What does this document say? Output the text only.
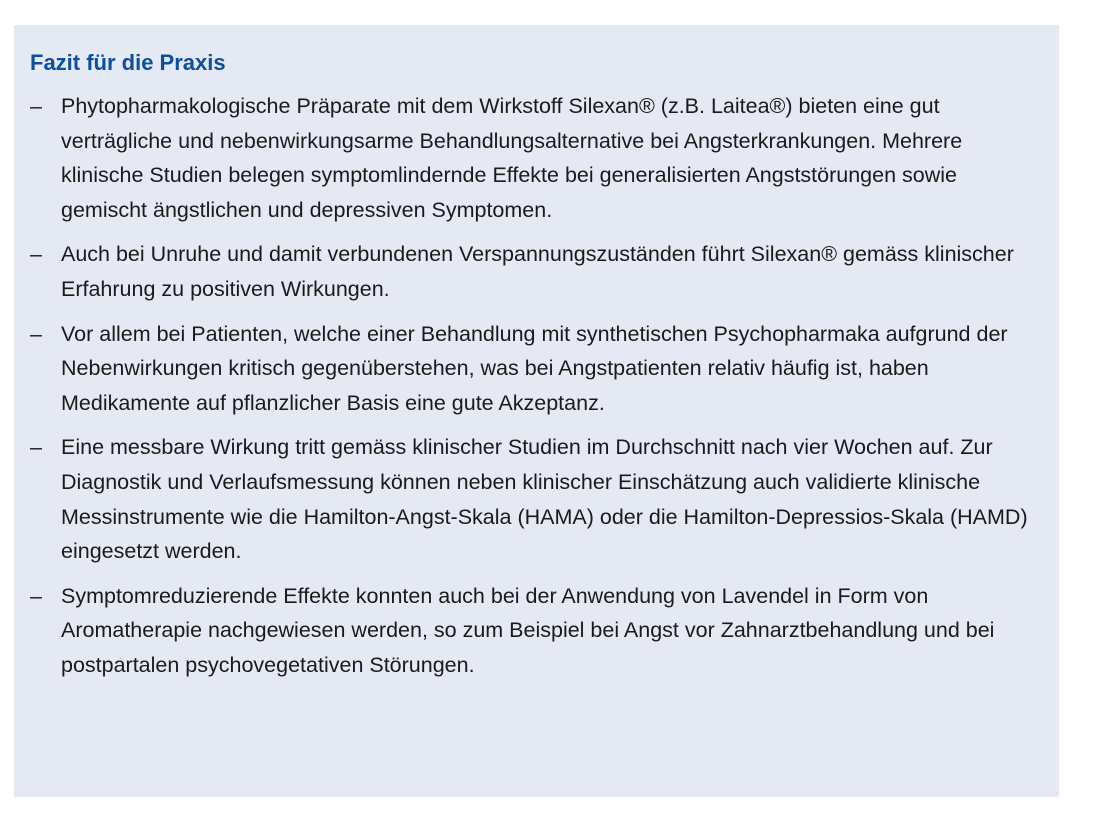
Fazit für die Praxis
– Phytopharmakologische Präparate mit dem Wirkstoff Silexan® (z.B. Laitea®) bieten eine gut verträgliche und nebenwirkungsarme Behandlungsalternative bei Angsterkrankungen. Mehrere klinische Studien belegen symptomlindernde Effekte bei generalisierten Angststörungen sowie gemischt ängstlichen und depressiven Symptomen.
– Auch bei Unruhe und damit verbundenen Verspannungszuständen führt Silexan® gemäss klinischer Erfahrung zu positiven Wirkungen.
– Vor allem bei Patienten, welche einer Behandlung mit synthetischen Psychopharmaka aufgrund der Nebenwirkungen kritisch gegenüberstehen, was bei Angstpatienten relativ häufig ist, haben Medikamente auf pflanzlicher Basis eine gute Akzeptanz.
– Eine messbare Wirkung tritt gemäss klinischer Studien im Durchschnitt nach vier Wochen auf. Zur Diagnostik und Verlaufsmessung können neben klinischer Einschätzung auch validierte klinische Messinstrumente wie die Hamilton-Angst-Skala (HAMA) oder die Hamilton-Depressios-Skala (HAMD) eingesetzt werden.
– Symptomreduzierende Effekte konnten auch bei der Anwendung von Lavendel in Form von Aromatherapie nachgewiesen werden, so zum Beispiel bei Angst vor Zahnarztbehandlung und bei postpartalen psychovegetativen Störungen.
